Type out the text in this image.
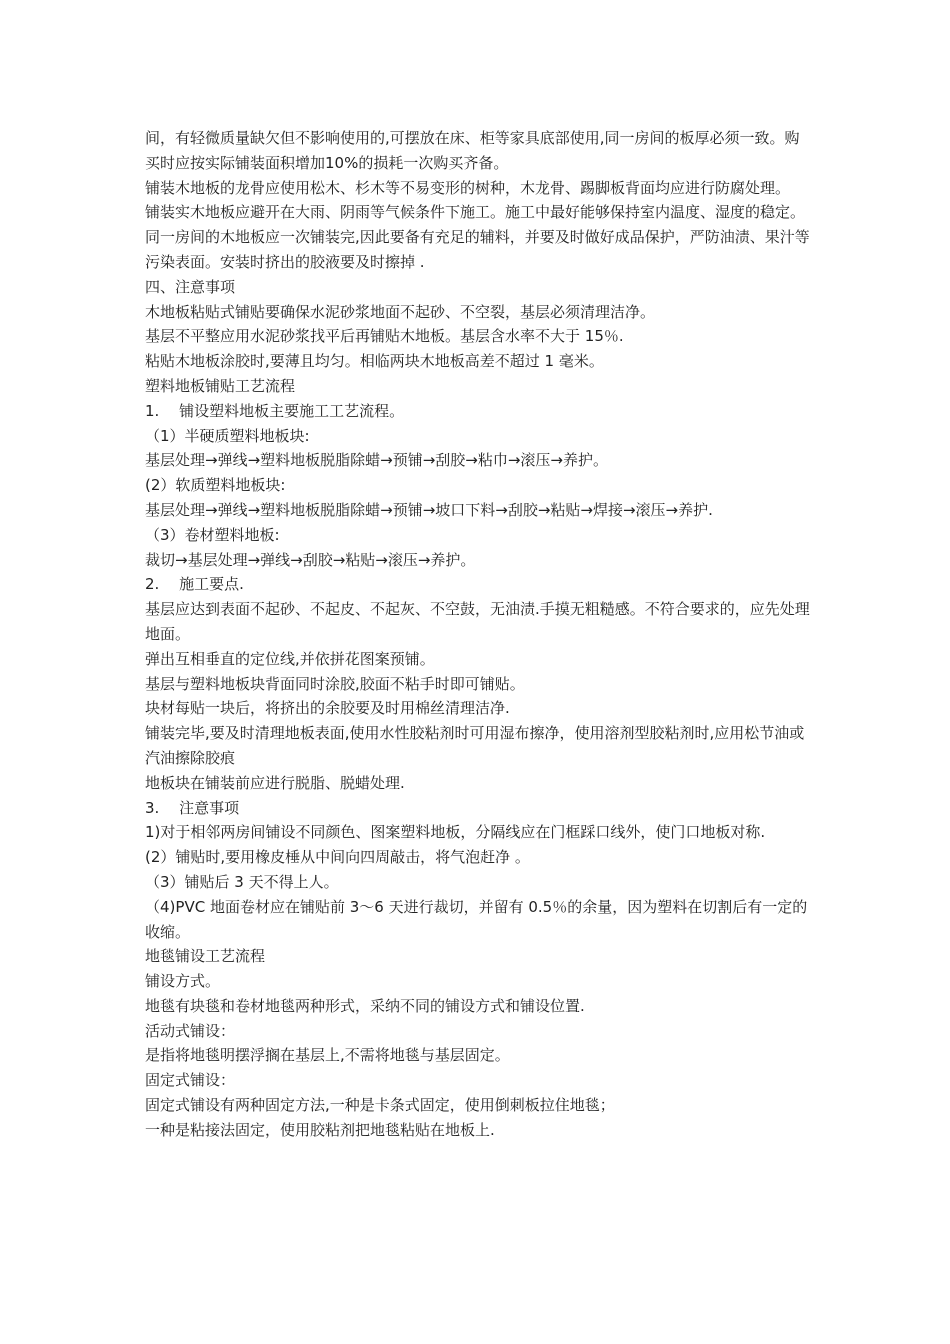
间，有轻微质量缺欠但不影响使用的,可摆放在床、柜等家具底部使用,同一房间的板厚必须一致。购买时应按实际铺装面积增加10%的损耗一次购买齐备。

铺装木地板的龙骨应使用松木、杉木等不易变形的树种，木龙骨、踢脚板背面均应进行防腐处理。

铺装实木地板应避开在大雨、阴雨等气候条件下施工。施工中最好能够保持室内温度、湿度的稳定。

同一房间的木地板应一次铺装完,因此要备有充足的辅料，并要及时做好成品保护，严防油渍、果汁等污染表面。安装时挤出的胶液要及时擦掉 .

四、注意事项

木地板粘贴式铺贴要确保水泥砂浆地面不起砂、不空裂，基层必须清理洁净。

基层不平整应用水泥砂浆找平后再铺贴木地板。基层含水率不大于 15％.

粘贴木地板涂胶时,要薄且均匀。相临两块木地板高差不超过 1 毫米。

塑料地板铺贴工艺流程

1.　 铺设塑料地板主要施工工艺流程。

（1）半硬质塑料地板块:

基层处理→弹线→塑料地板脱脂除蜡→预铺→刮胶→粘巾→滚压→养护。

(2）软质塑料地板块:

基层处理→弹线→塑料地板脱脂除蜡→预铺→坡口下料→刮胶→粘贴→焊接→滚压→养护.

（3）卷材塑料地板:

裁切→基层处理→弹线→刮胶→粘贴→滚压→养护。

2.　 施工要点.

基层应达到表面不起砂、不起皮、不起灰、不空鼓，无油渍.手摸无粗糙感。不符合要求的，应先处理地面。

弹出互相垂直的定位线,并依拼花图案预铺。

基层与塑料地板块背面同时涂胶,胶面不粘手时即可铺贴。

块材每贴一块后，将挤出的余胶要及时用棉丝清理洁净.

铺装完毕,要及时清理地板表面,使用水性胶粘剂时可用湿布擦净，使用溶剂型胶粘剂时,应用松节油或汽油擦除胶痕

地板块在铺装前应进行脱脂、脱蜡处理.

3.　 注意事项

1)对于相邻两房间铺设不同颜色、图案塑料地板，分隔线应在门框踩口线外，使门口地板对称.

(2）铺贴时,要用橡皮棰从中间向四周敲击，将气泡赶净 。

（3）铺贴后 3 天不得上人。

（4)PVC 地面卷材应在铺贴前 3～6 天进行裁切，并留有 0.5％的余量，因为塑料在切割后有一定的收缩。

地毯铺设工艺流程

铺设方式。

地毯有块毯和卷材地毯两种形式，采纳不同的铺设方式和铺设位置.

活动式铺设：

是指将地毯明摆浮搁在基层上,不需将地毯与基层固定。

固定式铺设：

固定式铺设有两种固定方法,一种是卡条式固定，使用倒刺板拉住地毯；

一种是粘接法固定，使用胶粘剂把地毯粘贴在地板上.
